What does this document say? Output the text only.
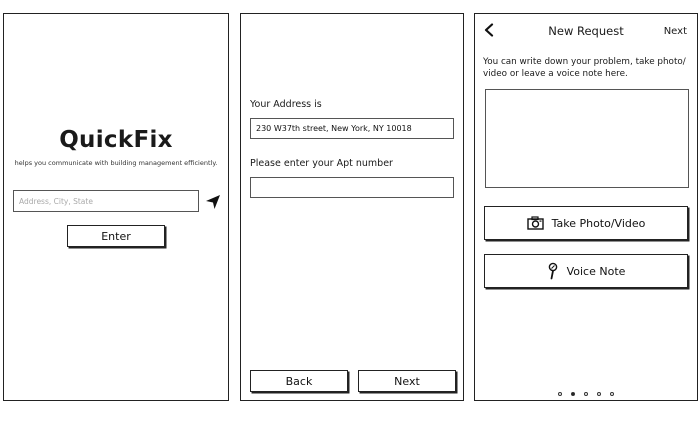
QuickFix
helps you communicate with building management efficiently.
Address, City, State
Enter
Your Address is
230 W37th street, New York, NY 10018
Please enter your Apt number
Back	Next
New Request	Next
You can write down your problem, take photo/ video or leave a voice note here.
Take Photo/Video
Voice Note
